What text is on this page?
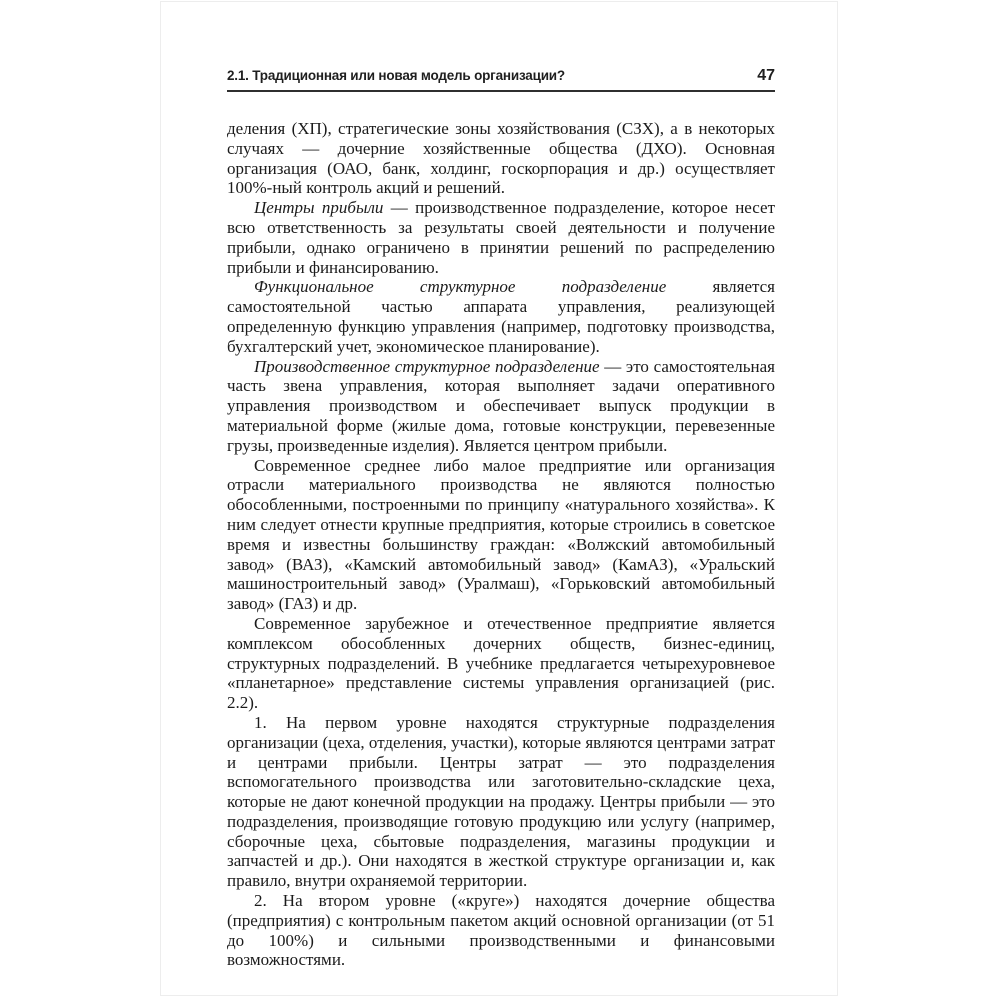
2.1. Традиционная или новая модель организации?	47

деления (ХП), стратегические зоны хозяйствования (СЗХ), а в некоторых случаях — дочерние хозяйственные общества (ДХО). Основная организация (ОАО, банк, холдинг, госкорпорация и др.) осуществляет 100%-ный контроль акций и решений.

Центры прибыли — производственное подразделение, которое несет всю ответственность за результаты своей деятельности и получение прибыли, однако ограничено в принятии решений по распределению прибыли и финансированию.

Функциональное структурное подразделение является самостоятельной частью аппарата управления, реализующей определенную функцию управления (например, подготовку производства, бухгалтерский учет, экономическое планирование).

Производственное структурное подразделение — это самостоятельная часть звена управления, которая выполняет задачи оперативного управления производством и обеспечивает выпуск продукции в материальной форме (жилые дома, готовые конструкции, перевезенные грузы, произведенные изделия). Является центром прибыли.

Современное среднее либо малое предприятие или организация отрасли материального производства не являются полностью обособленными, построенными по принципу «натурального хозяйства». К ним следует отнести крупные предприятия, которые строились в советское время и известны большинству граждан: «Волжский автомобильный завод» (ВАЗ), «Камский автомобильный завод» (КамАЗ), «Уральский машиностроительный завод» (Уралмаш), «Горьковский автомобильный завод» (ГАЗ) и др.

Современное зарубежное и отечественное предприятие является комплексом обособленных дочерних обществ, бизнес-единиц, структурных подразделений. В учебнике предлагается четырехуровневое «планетарное» представление системы управления организацией (рис. 2.2).

1. На первом уровне находятся структурные подразделения организации (цеха, отделения, участки), которые являются центрами затрат и центрами прибыли. Центры затрат — это подразделения вспомогательного производства или заготовительно-складские цеха, которые не дают конечной продукции на продажу. Центры прибыли — это подразделения, производящие готовую продукцию или услугу (например, сборочные цеха, сбытовые подразделения, магазины продукции и запчастей и др.). Они находятся в жесткой структуре организации и, как правило, внутри охраняемой территории.

2. На втором уровне («круге») находятся дочерние общества (предприятия) с контрольным пакетом акций основной организации (от 51 до 100%) и сильными производственными и финансовыми возможностями.
